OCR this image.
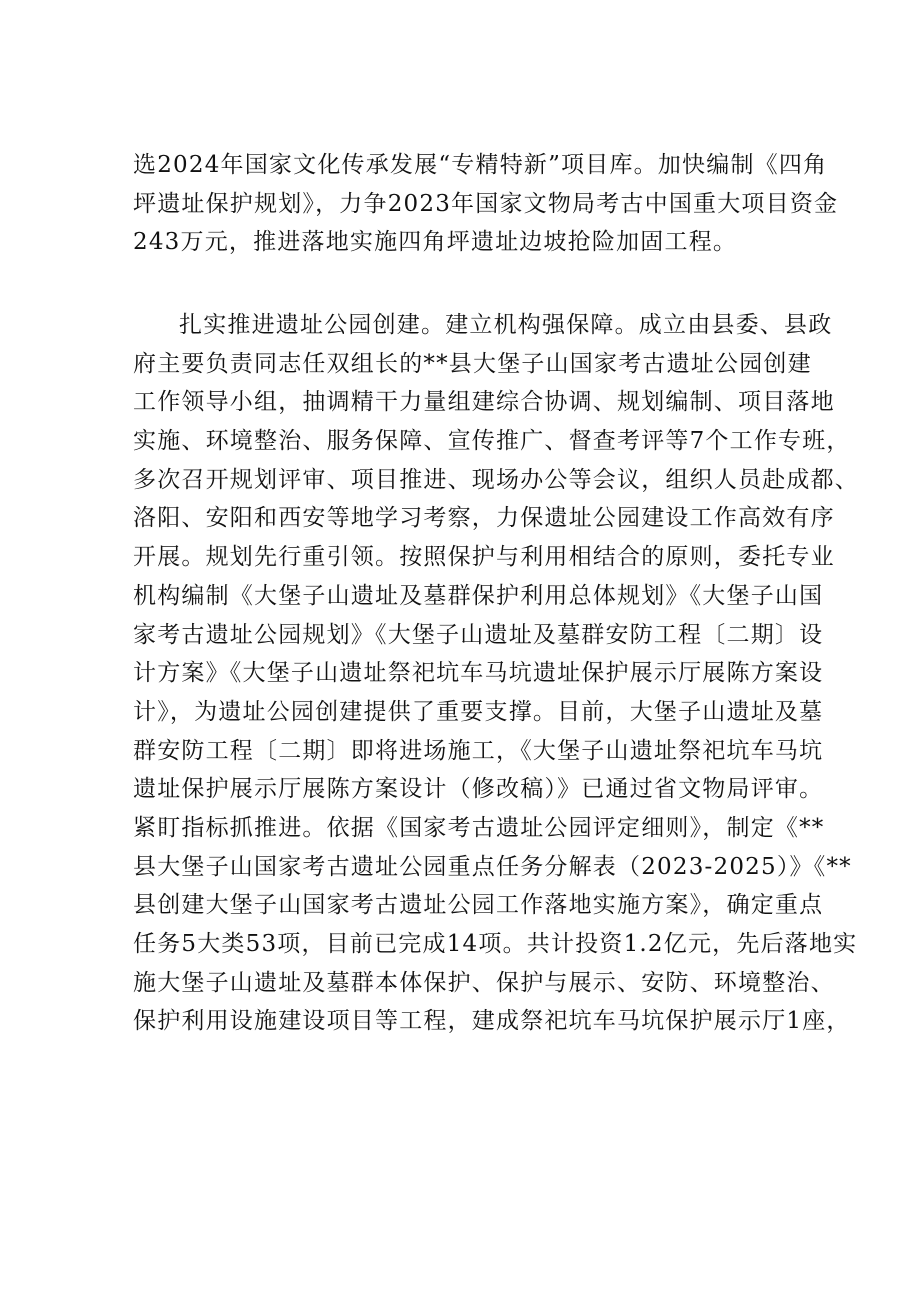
选2024年国家文化传承发展“专精特新”项目库。加快编制《四角
坪遗址保护规划》，力争2023年国家文物局考古中国重大项目资金
243万元，推进落地实施四角坪遗址边坡抢险加固工程。
扎实推进遗址公园创建。建立机构强保障。成立由县委、县政
府主要负责同志任双组长的**县大堡子山国家考古遗址公园创建
工作领导小组，抽调精干力量组建综合协调、规划编制、项目落地
实施、环境整治、服务保障、宣传推广、督查考评等7个工作专班，
多次召开规划评审、项目推进、现场办公等会议，组织人员赴成都、
洛阳、安阳和西安等地学习考察，力保遗址公园建设工作高效有序
开展。规划先行重引领。按照保护与利用相结合的原则，委托专业
机构编制《大堡子山遗址及墓群保护利用总体规划》《大堡子山国
家考古遗址公园规划》《大堡子山遗址及墓群安防工程〔二期〕设
计方案》《大堡子山遗址祭祀坑车马坑遗址保护展示厅展陈方案设
计》，为遗址公园创建提供了重要支撑。目前，大堡子山遗址及墓
群安防工程〔二期〕即将进场施工，《大堡子山遗址祭祀坑车马坑
遗址保护展示厅展陈方案设计（修改稿）》已通过省文物局评审。
紧盯指标抓推进。依据《国家考古遗址公园评定细则》，制定《**
县大堡子山国家考古遗址公园重点任务分解表（2023-2025）》《**
县创建大堡子山国家考古遗址公园工作落地实施方案》，确定重点
任务5大类53项，目前已完成14项。共计投资1.2亿元，先后落地实
施大堡子山遗址及墓群本体保护、保护与展示、安防、环境整治、
保护利用设施建设项目等工程，建成祭祀坑车马坑保护展示厅1座，
